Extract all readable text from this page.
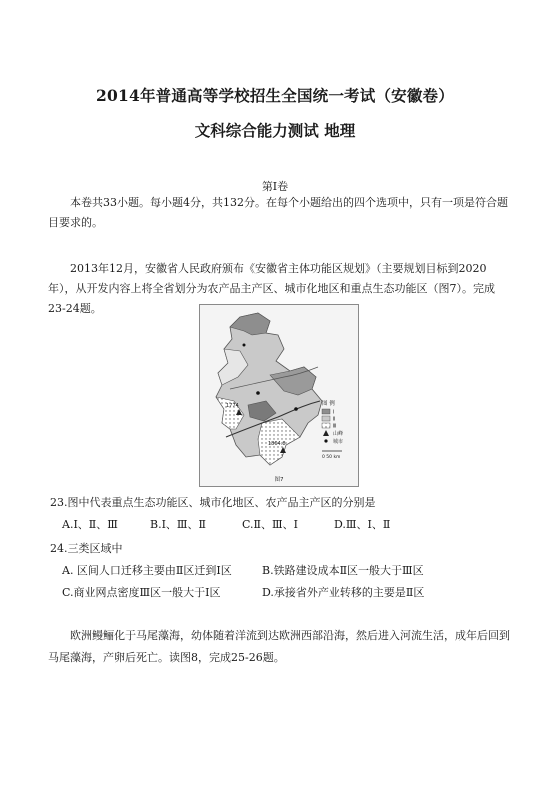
2014年普通高等学校招生全国统一考试（安徽卷）
文科综合能力测试 地理
第Ⅰ卷
本卷共33小题。每小题4分，共132分。在每个小题给出的四个选项中，只有一项是符合题目要求的。
2013年12月，安徽省人民政府颁布《安徽省主体功能区规划》（主要规划目标到2020年），从开发内容上将全省划分为农产品主产区、城市化地区和重点生态功能区（图7）。完成23-24题。
1774
1864.8
图 例
Ⅰ
Ⅱ
Ⅲ
山峰
城市
0 50 km
图7
23.图中代表重点生态功能区、城市化地区、农产品主产区的分别是
A.Ⅰ、Ⅱ、Ⅲ	B.Ⅰ、Ⅲ、Ⅱ	C.Ⅱ、Ⅲ、Ⅰ	D.Ⅲ、Ⅰ、Ⅱ
24.三类区域中
A. 区间人口迁移主要由Ⅱ区迁到Ⅰ区	B.铁路建设成本Ⅱ区一般大于Ⅲ区
C.商业网点密度Ⅲ区一般大于Ⅰ区	D.承接省外产业转移的主要是Ⅱ区
欧洲鳗鲡化于马尾藻海，幼体随着洋流到达欧洲西部沿海，然后进入河流生活，成年后回到马尾藻海，产卵后死亡。读图8，完成25-26题。
